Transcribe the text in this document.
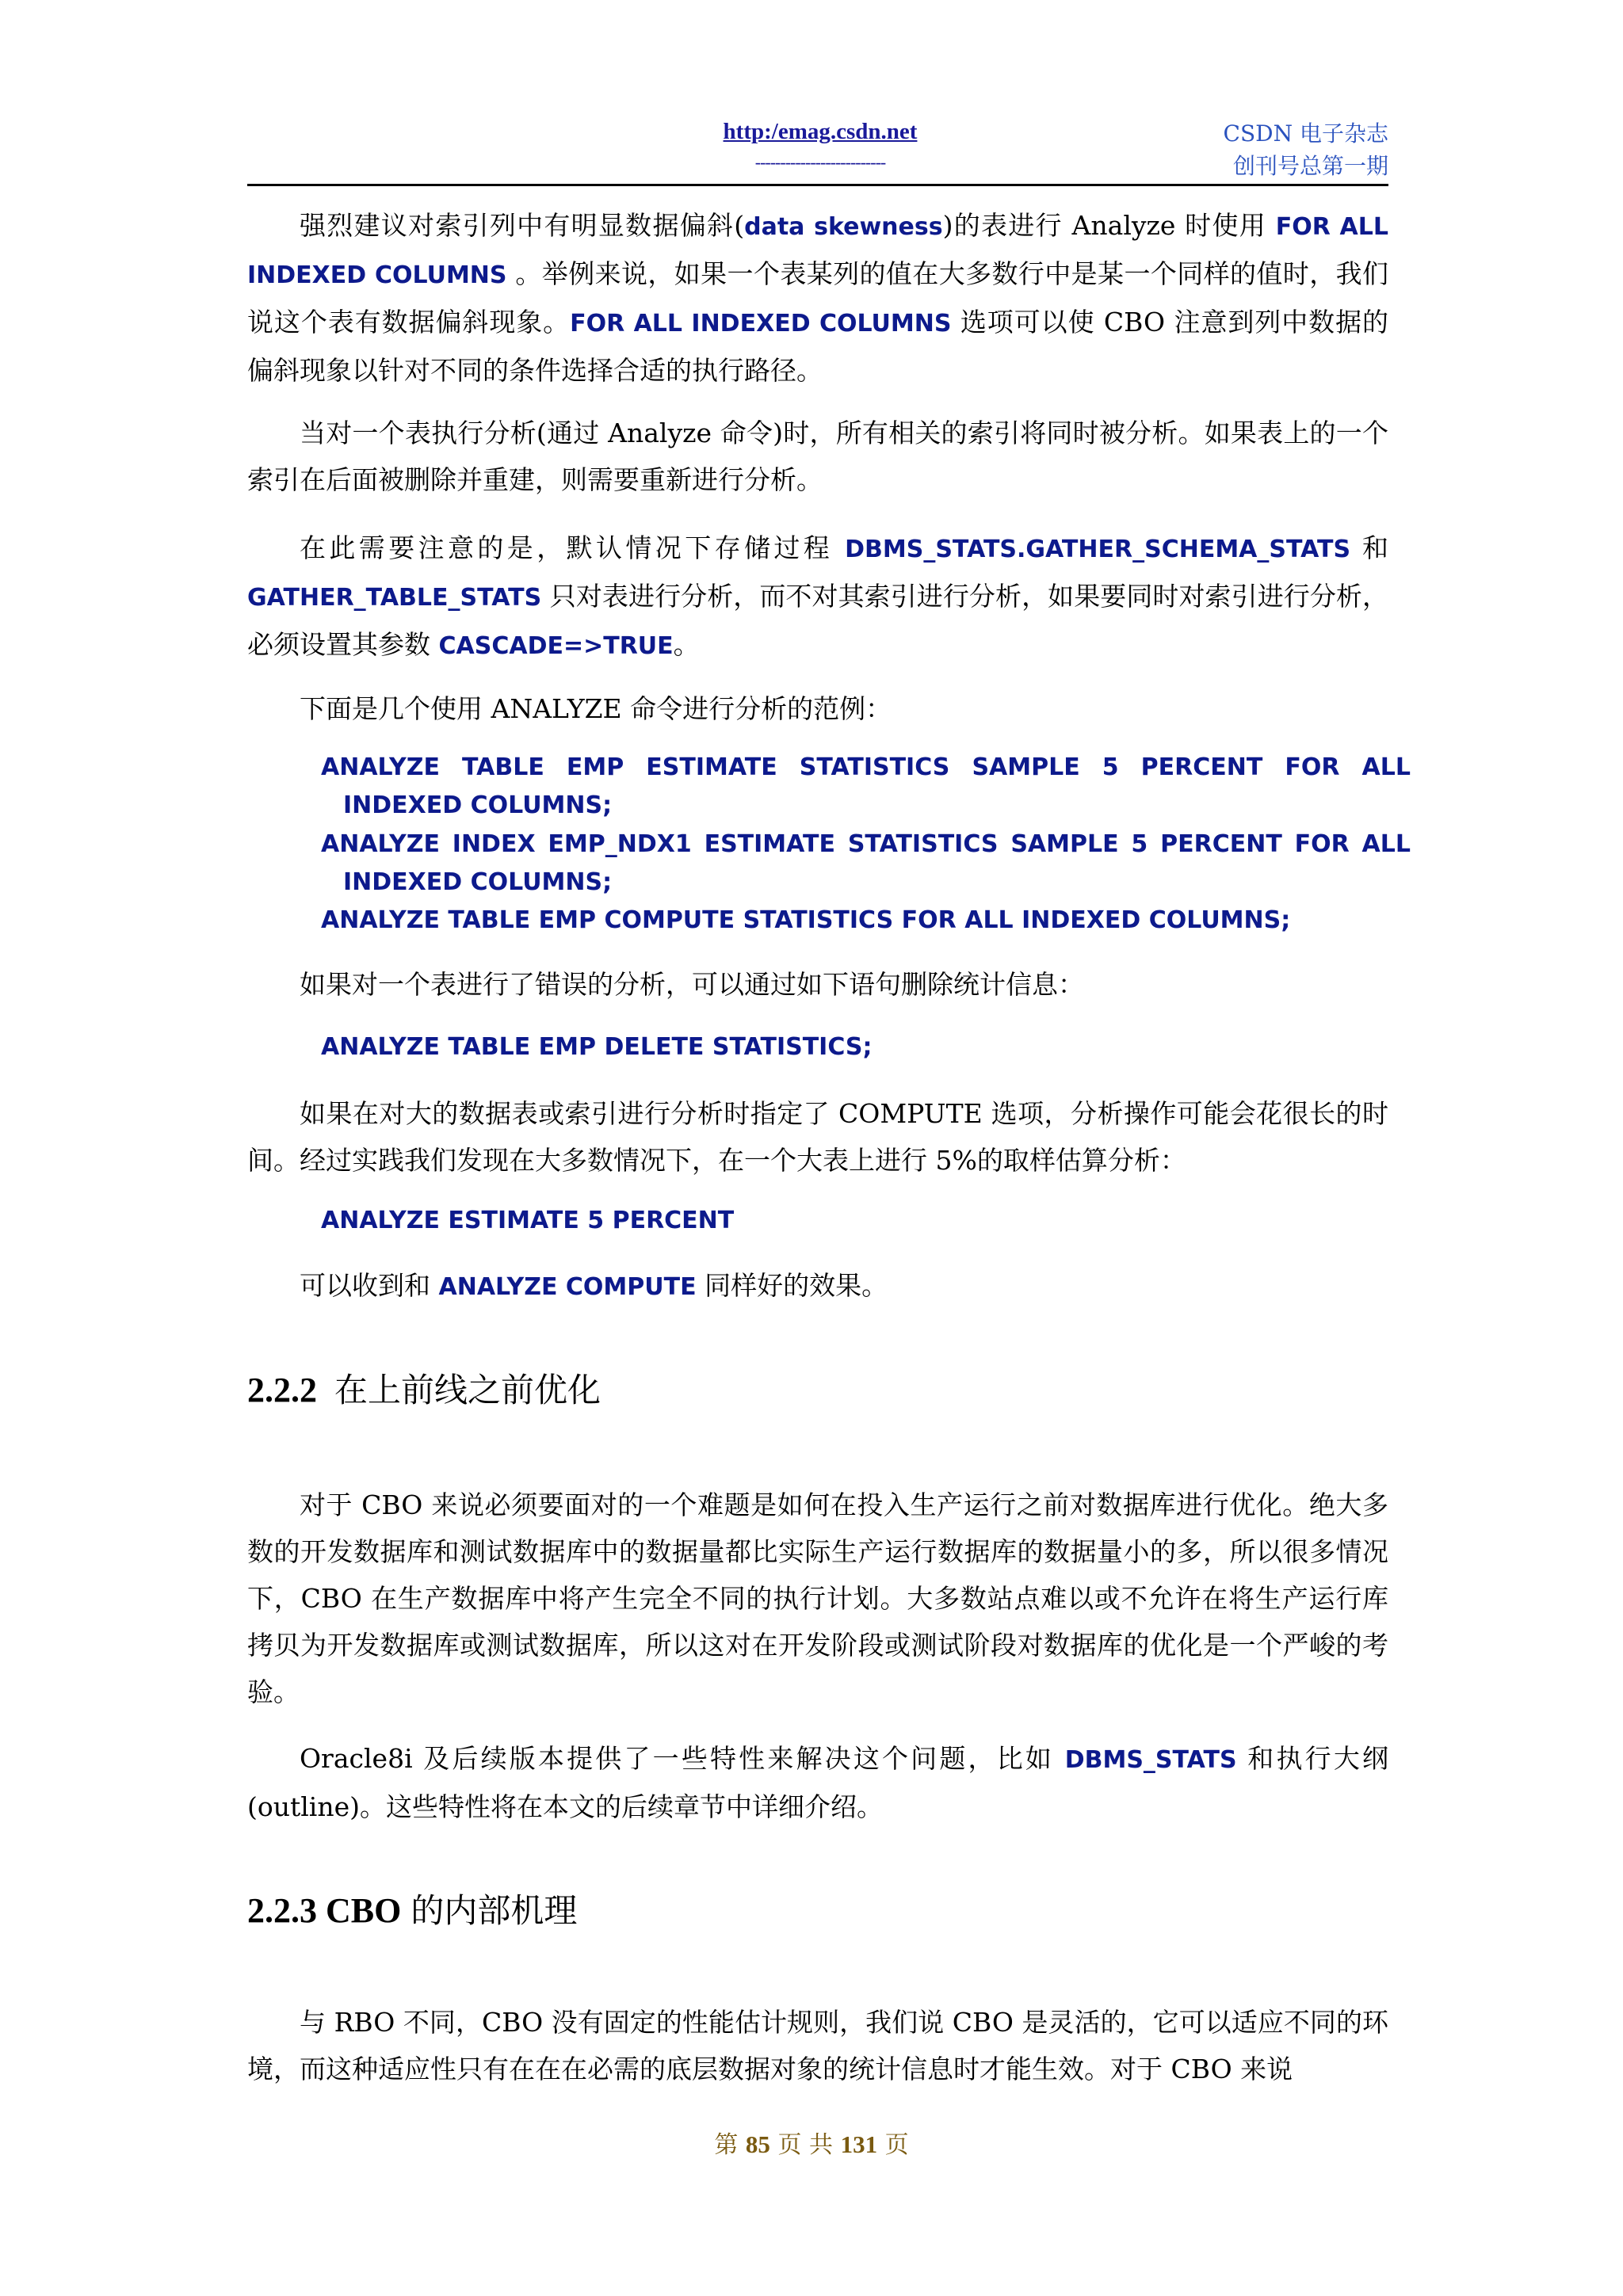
http:/emag.csdn.net
--------------------------
CSDN 电子杂志
创刊号总第一期

强烈建议对索引列中有明显数据偏斜(data skewness)的表进行 Analyze 时使用 FOR ALL INDEXED COLUMNS 。举例来说，如果一个表某列的值在大多数行中是某一个同样的值时，我们说这个表有数据偏斜现象。FOR ALL INDEXED COLUMNS 选项可以使 CBO 注意到列中数据的偏斜现象以针对不同的条件选择合适的执行路径。

当对一个表执行分析(通过 Analyze 命令)时，所有相关的索引将同时被分析。如果表上的一个索引在后面被删除并重建，则需要重新进行分析。

在此需要注意的是，默认情况下存储过程 DBMS_STATS.GATHER_SCHEMA_STATS 和 GATHER_TABLE_STATS 只对表进行分析，而不对其索引进行分析，如果要同时对索引进行分析，必须设置其参数 CASCADE=>TRUE。

下面是几个使用 ANALYZE 命令进行分析的范例：

ANALYZE TABLE EMP ESTIMATE STATISTICS SAMPLE 5 PERCENT FOR ALL INDEXED COLUMNS;

ANALYZE INDEX EMP_NDX1 ESTIMATE STATISTICS SAMPLE 5 PERCENT FOR ALL INDEXED COLUMNS;

ANALYZE TABLE EMP COMPUTE STATISTICS FOR ALL INDEXED COLUMNS;

如果对一个表进行了错误的分析，可以通过如下语句删除统计信息：

ANALYZE TABLE EMP DELETE STATISTICS;

如果在对大的数据表或索引进行分析时指定了 COMPUTE 选项，分析操作可能会花很长的时间。经过实践我们发现在大多数情况下，在一个大表上进行 5%的取样估算分析：

ANALYZE ESTIMATE 5 PERCENT

可以收到和 ANALYZE COMPUTE 同样好的效果。

2.2.2 在上前线之前优化

对于 CBO 来说必须要面对的一个难题是如何在投入生产运行之前对数据库进行优化。绝大多数的开发数据库和测试数据库中的数据量都比实际生产运行数据库的数据量小的多，所以很多情况下，CBO 在生产数据库中将产生完全不同的执行计划。大多数站点难以或不允许在将生产运行库拷贝为开发数据库或测试数据库，所以这对在开发阶段或测试阶段对数据库的优化是一个严峻的考验。

Oracle8i 及后续版本提供了一些特性来解决这个问题，比如 DBMS_STATS 和执行大纲(outline)。这些特性将在本文的后续章节中详细介绍。

2.2.3 CBO 的内部机理

与 RBO 不同，CBO 没有固定的性能估计规则，我们说 CBO 是灵活的，它可以适应不同的环境，而这种适应性只有在在在必需的底层数据对象的统计信息时才能生效。对于 CBO 来说

第 85 页 共 131 页
